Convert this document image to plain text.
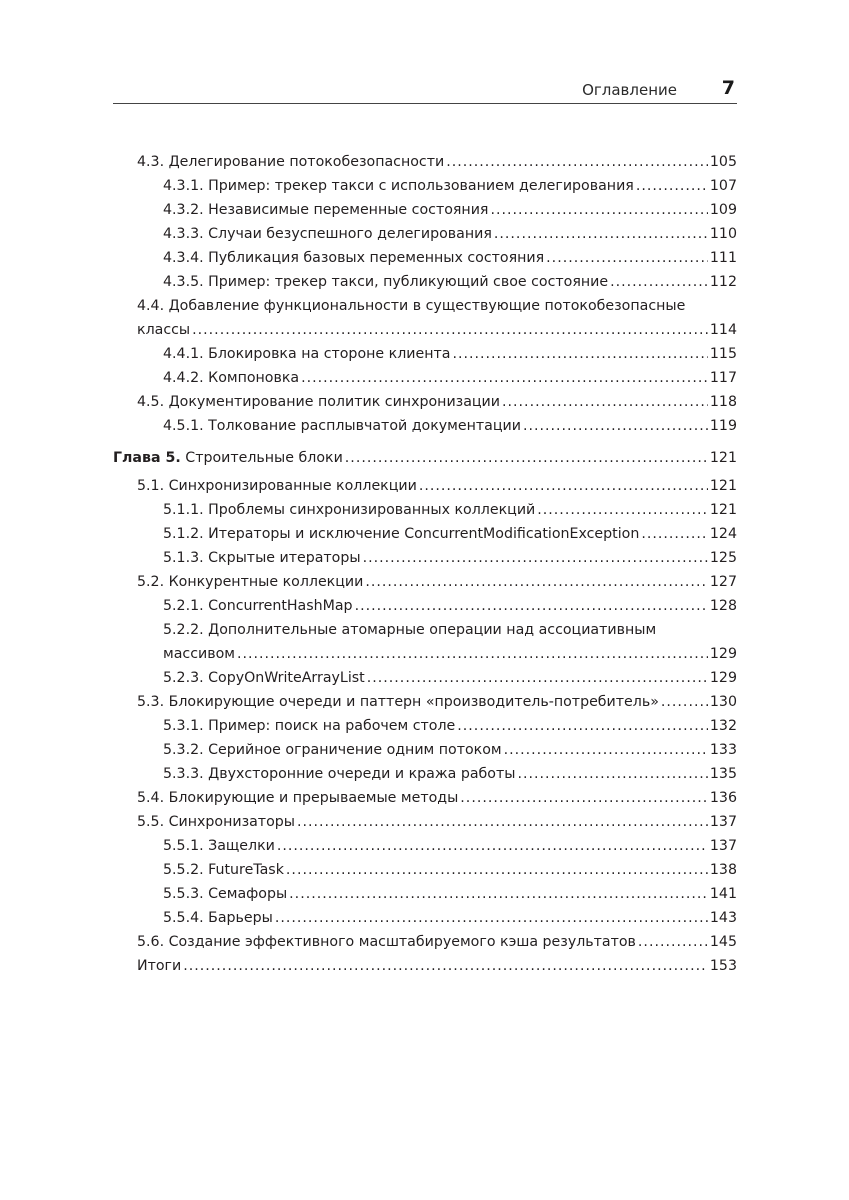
Оглавление 7
4.3. Делегирование потокобезопасности .....	105
4.3.1. Пример: трекер такси с использованием делегирования .....	107
4.3.2. Независимые переменные состояния .....	109
4.3.3. Случаи безуспешного делегирования .....	110
4.3.4. Публикация базовых переменных состояния .....	111
4.3.5. Пример: трекер такси, публикующий свое состояние .....	112
4.4. Добавление функциональности в существующие потокобезопасные
классы .....	114
4.4.1. Блокировка на стороне клиента .....	115
4.4.2. Компоновка .....	117
4.5. Документирование политик синхронизации .....	118
4.5.1. Толкование расплывчатой документации .....	119
Глава 5. Строительные блоки .....	121
5.1. Синхронизированные коллекции .....	121
5.1.1. Проблемы синхронизированных коллекций .....	121
5.1.2. Итераторы и исключение ConcurrentModificationException .....	124
5.1.3. Скрытые итераторы .....	125
5.2. Конкурентные коллекции .....	127
5.2.1. ConcurrentHashMap .....	128
5.2.2. Дополнительные атомарные операции над ассоциативным
массивом .....	129
5.2.3. CopyOnWriteArrayList .....	129
5.3. Блокирующие очереди и паттерн «производитель-потребитель» .....	130
5.3.1. Пример: поиск на рабочем столе .....	132
5.3.2. Серийное ограничение одним потоком .....	133
5.3.3. Двухсторонние очереди и кража работы .....	135
5.4. Блокирующие и прерываемые методы .....	136
5.5. Синхронизаторы .....	137
5.5.1. Защелки .....	137
5.5.2. FutureTask .....	138
5.5.3. Семафоры .....	141
5.5.4. Барьеры .....	143
5.6. Создание эффективного масштабируемого кэша результатов .....	145
Итоги .....	153
